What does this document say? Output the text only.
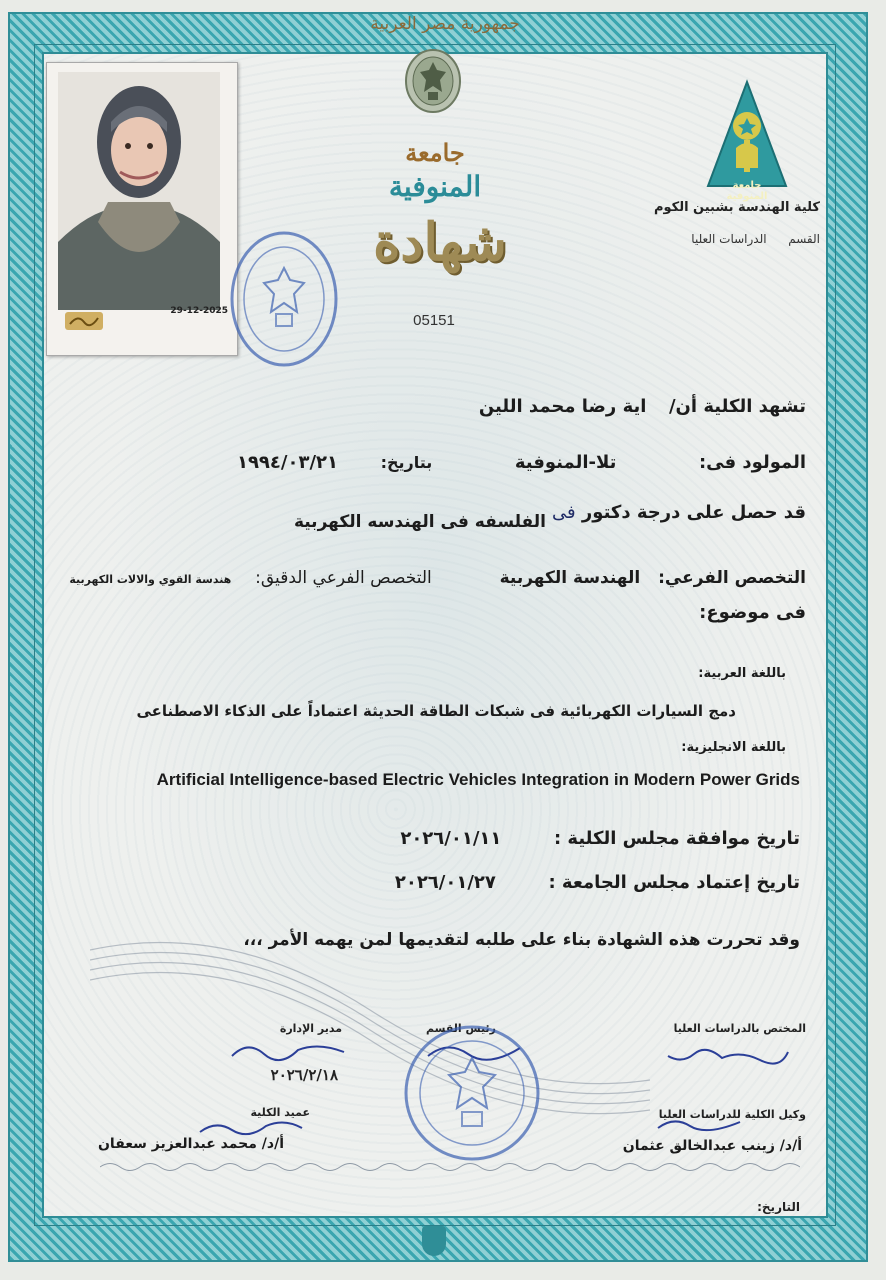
جمهورية مصر العربية
29-12-2025
جامعة المنوفية
كلية الهندسة بشبين الكوم
القسم  الدراسات العليا
جامعة
المنوفية
شهادة
05151
تشهد الكلية أن/  اية رضا محمد اللين
المولود فى:  تلا-المنوفية  بتاريخ:  ١٩٩٤/٠٣/٢١
قد حصل على درجة دكتور فى
الفلسفه فى الهندسه الكهربية
التخصص الفرعي:  الهندسة الكهربية  التخصص الفرعي الدقيق:  هندسة القوي والالات الكهربية
فى موضوع:
باللغة العربية:
دمج السيارات الكهربائية فى شبكات الطاقة الحديثة اعتماداً على الذكاء الاصطناعى
باللغة الانجليزية:
Artificial Intelligence-based Electric Vehicles Integration in Modern Power Grids
تاريخ موافقة مجلس الكلية :  ٢٠٢٦/٠١/١١
تاريخ إعتماد مجلس الجامعة :  ٢٠٢٦/٠١/٢٧
وقد تحررت هذه الشهادة بناء على طلبه لتقديمها لمن يهمه الأمر ،،،
مدير الإدارة
٢٠٢٦/٢/١٨
رئيس القسم	المختص بالدراسات العليا
عميد الكلية
أ/د/ محمد عبدالعزيز سعفان
وكيل الكلية للدراسات العليا
أ/د/ زينب عبدالخالق عثمان
التاريخ:
